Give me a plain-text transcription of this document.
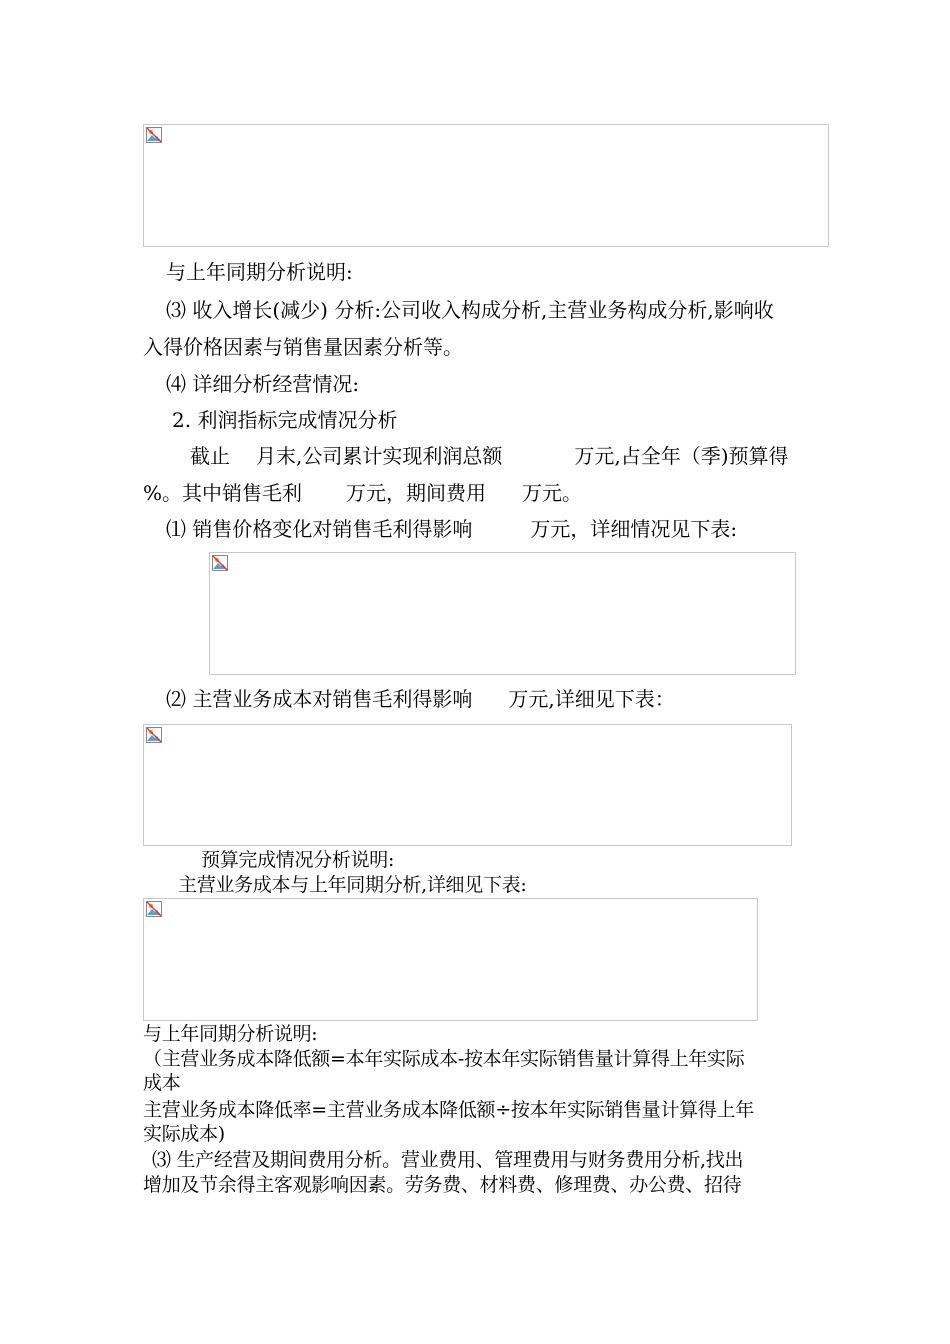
与上年同期分析说明:
⑶ 收入增长(减少) 分析:公司收入构成分析,主营业务构成分析,影响收
入得价格因素与销售量因素分析等。
⑷ 详细分析经营情况:
2. 利润指标完成情况分析
截止 月末,公司累计实现利润总额	万元,占全年（季)预算得
%。其中销售毛利 万元，期间费用 万元。
⑴ 销售价格变化对销售毛利得影响	万元，详细情况见下表:
⑵ 主营业务成本对销售毛利得影响 万元,详细见下表：
预算完成情况分析说明:
主营业务成本与上年同期分析,详细见下表:
与上年同期分析说明:
（主营业务成本降低额=本年实际成本-按本年实际销售量计算得上年实际
成本
主营业务成本降低率=主营业务成本降低额÷按本年实际销售量计算得上年
实际成本)
⑶ 生产经营及期间费用分析。营业费用、管理费用与财务费用分析,找出
增加及节余得主客观影响因素。劳务费、材料费、修理费、办公费、招待
